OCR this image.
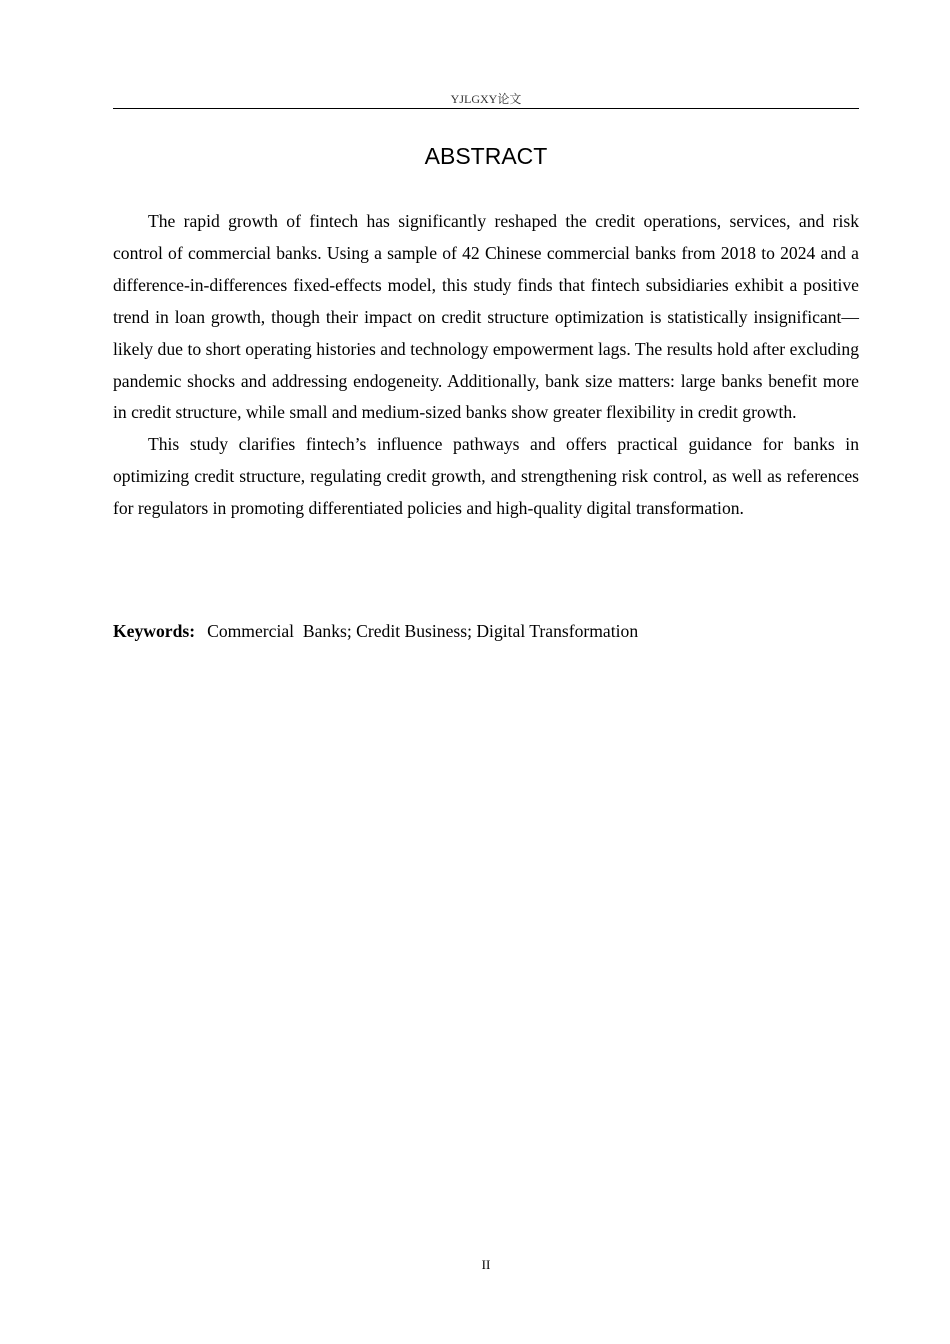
YJLGXY论文
ABSTRACT

The rapid growth of fintech has significantly reshaped the credit operations, services, and risk control of commercial banks. Using a sample of 42 Chinese commercial banks from 2018 to 2024 and a difference-in-differences fixed-effects model, this study finds that fintech subsidiaries exhibit a positive trend in loan growth, though their impact on credit structure optimization is statistically insignificant—likely due to short operating histories and technology empowerment lags. The results hold after excluding pandemic shocks and addressing endogeneity. Additionally, bank size matters: large banks benefit more in credit structure, while small and medium-sized banks show greater flexibility in credit growth.

This study clarifies fintech’s influence pathways and offers practical guidance for banks in optimizing credit structure, regulating credit growth, and strengthening risk control, as well as references for regulators in promoting differentiated policies and high-quality digital transformation.

Keywords: Commercial  Banks; Credit Business; Digital Transformation

II
